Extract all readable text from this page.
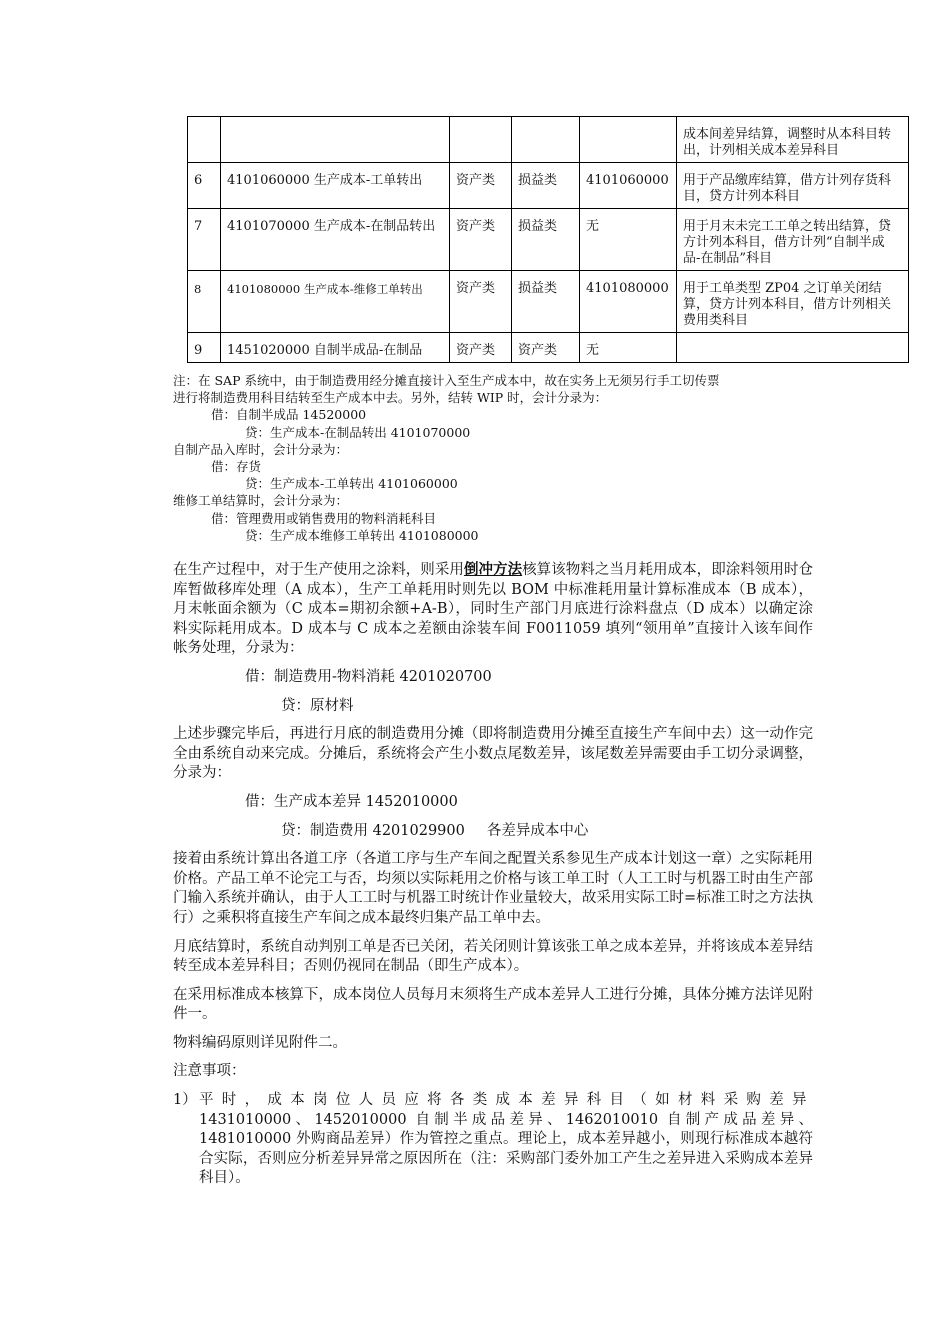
					成本间差异结算，调整时从本科目转出，计列相关成本差异科目
6	4101060000 生产成本-工单转出	资产类	损益类	4101060000	用于产品缴库结算，借方计列存货科目，贷方计列本科目
7	4101070000 生产成本-在制品转出	资产类	损益类	无	用于月末未完工工单之转出结算，贷方计列本科目，借方计列“自制半成品-在制品”科目
8	4101080000 生产成本-维修工单转出	资产类	损益类	4101080000	用于工单类型 ZP04 之订单关闭结算，贷方计列本科目，借方计列相关费用类科目
9	1451020000 自制半成品-在制品	资产类	资产类	无	

注：在 SAP 系统中，由于制造费用经分摊直接计入至生产成本中，故在实务上无须另行手工切传票

进行将制造费用科目结转至生产成本中去。另外，结转 WIP 时，会计分录为：

借：自制半成品 14520000

贷：生产成本-在制品转出 4101070000

自制产品入库时，会计分录为：

借：存货

贷：生产成本-工单转出 4101060000

维修工单结算时，会计分录为：

借：管理费用或销售费用的物料消耗科目

贷：生产成本维修工单转出 4101080000

在生产过程中，对于生产使用之涂料，则采用倒冲方法核算该物料之当月耗用成本，即涂料领用时仓库暂做移库处理（A 成本），生产工单耗用时则先以 BOM 中标准耗用量计算标准成本（B 成本），月末帐面余额为（C 成本=期初余额+A-B），同时生产部门月底进行涂料盘点（D 成本）以确定涂料实际耗用成本。D 成本与 C 成本之差额由涂装车间 F0011059 填列“领用单”直接计入该车间作帐务处理，分录为：

借：制造费用-物料消耗 4201020700

贷：原材料

上述步骤完毕后，再进行月底的制造费用分摊（即将制造费用分摊至直接生产车间中去）这一动作完全由系统自动来完成。分摊后，系统将会产生小数点尾数差异，该尾数差异需要由手工切分录调整，分录为：

借：生产成本差异 1452010000

贷：制造费用 4201029900 各差异成本中心

接着由系统计算出各道工序（各道工序与生产车间之配置关系参见生产成本计划这一章）之实际耗用价格。产品工单不论完工与否，均须以实际耗用之价格与该工单工时（人工工时与机器工时由生产部门输入系统并确认，由于人工工时与机器工时统计作业量较大，故采用实际工时=标准工时之方法执行）之乘积将直接生产车间之成本最终归集产品工单中去。

月底结算时，系统自动判别工单是否已关闭，若关闭则计算该张工单之成本差异，并将该成本差异结转至成本差异科目；否则仍视同在制品（即生产成本）。

在采用标准成本核算下，成本岗位人员每月末须将生产成本差异人工进行分摊，具体分摊方法详见附件一。

物料编码原则详见附件二。

注意事项：

1） 平时，成本岗位人员应将各类成本差异科目（如材料采购差异1431010000、1452010000 自制半成品差异、1462010010 自制产成品差异、1481010000 外购商品差异）作为管控之重点。理论上，成本差异越小，则现行标准成本越符合实际，否则应分析差异异常之原因所在（注：采购部门委外加工产生之差异进入采购成本差异科目）。
